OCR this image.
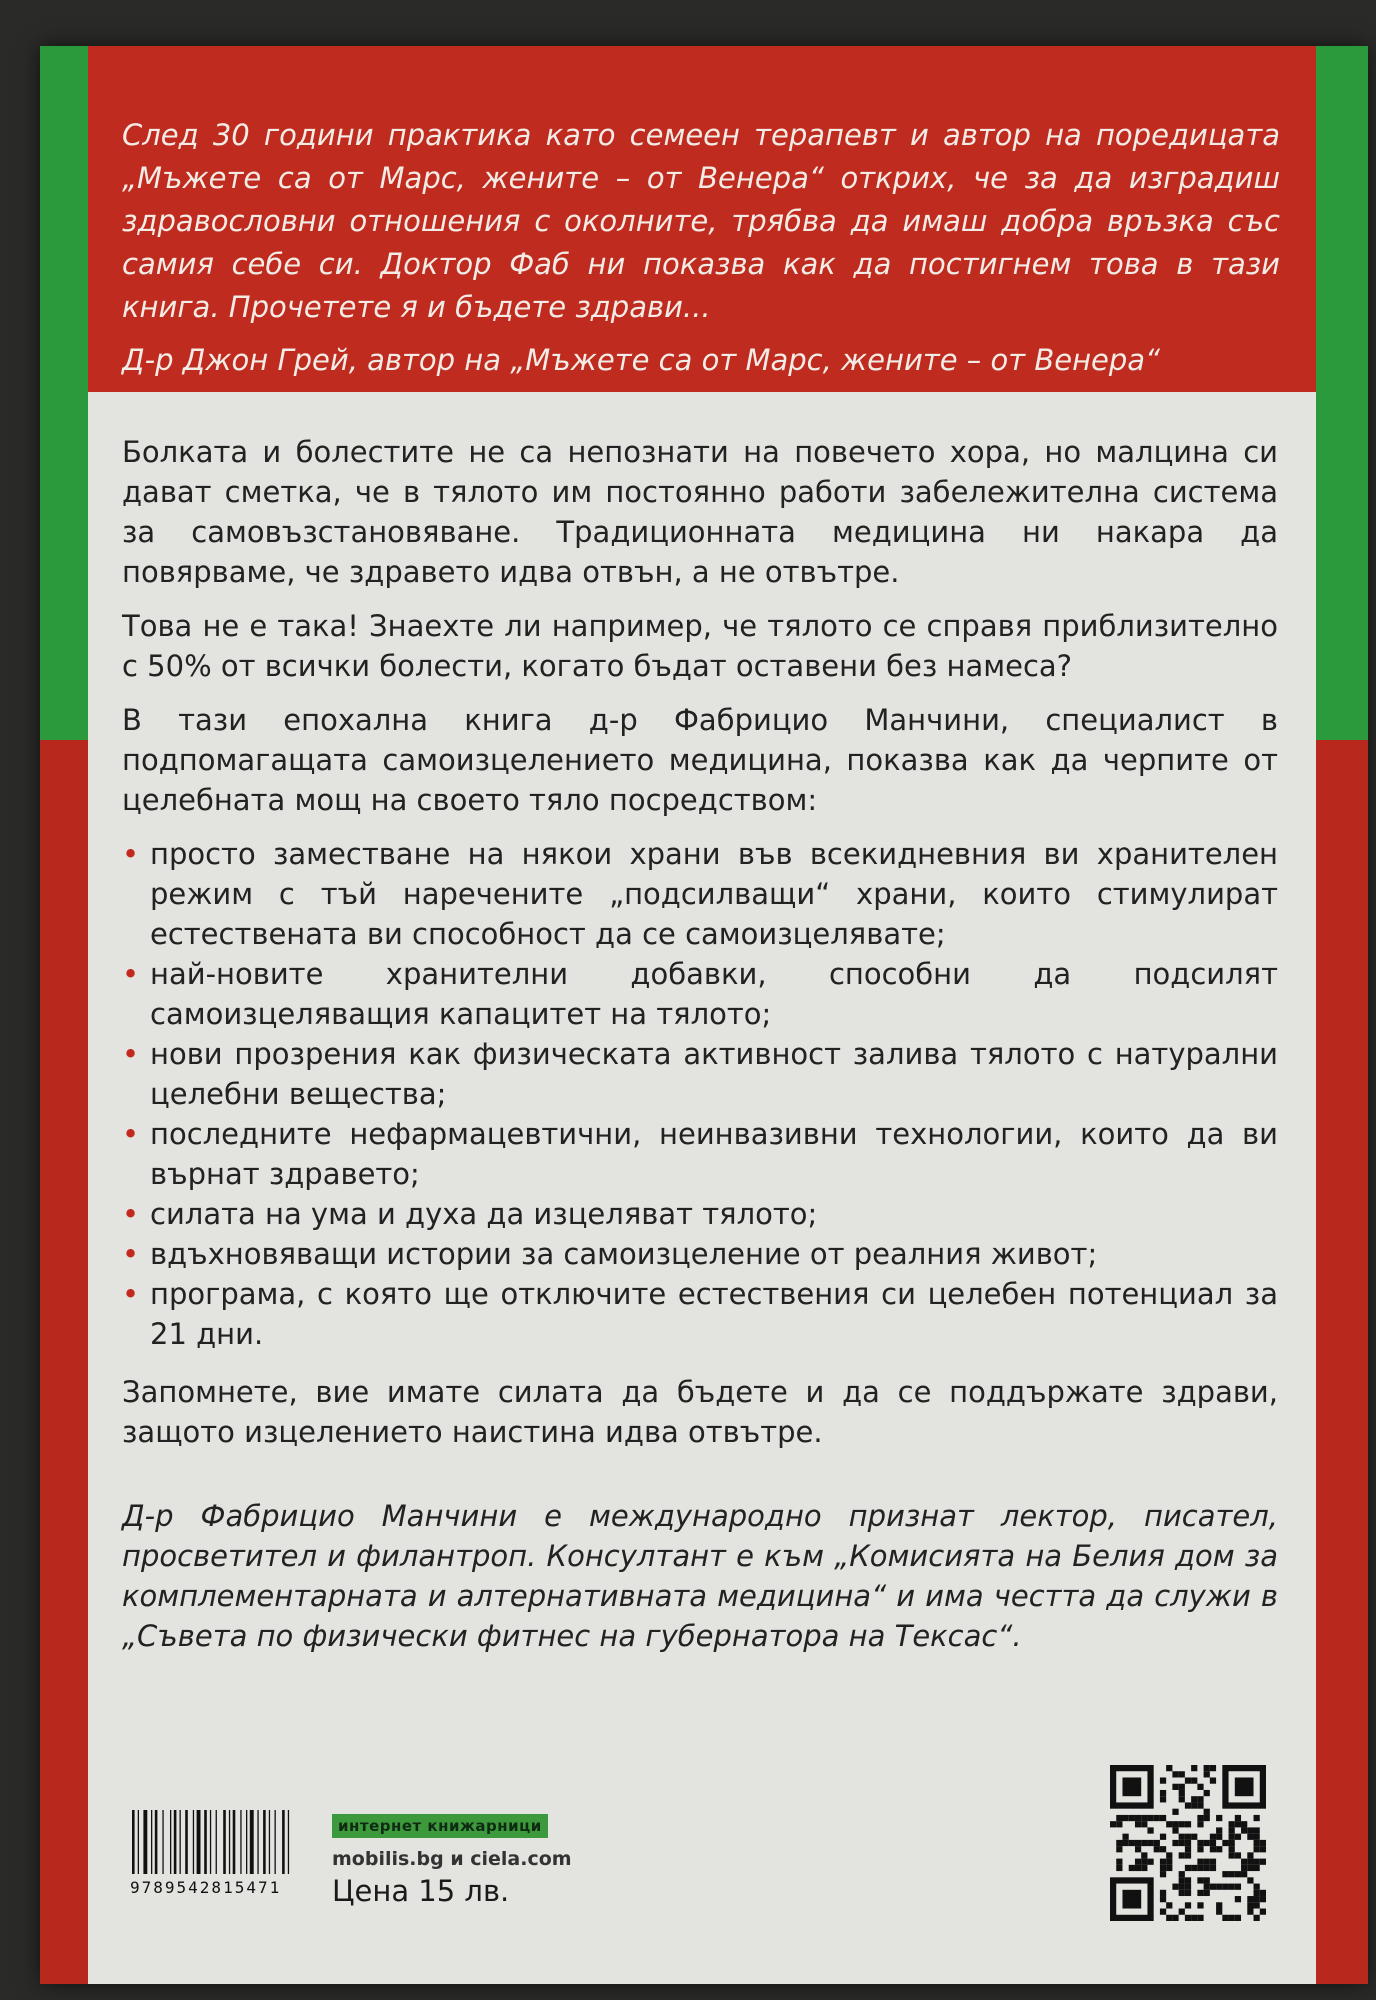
След 30 години практика като семеен терапевт и автор на поредицата „Мъжете са от Марс, жените – от Венера“ открих, че за да изградиш здравословни отношения с околните, трябва да имаш добра връзка със самия себе си. Доктор Фаб ни показва как да постигнем това в тази книга. Прочетете я и бъдете здрави...

Д-р Джон Грей, автор на „Мъжете са от Марс, жените – от Венера“

Болката и болестите не са непознати на повечето хора, но малцина си дават сметка, че в тялото им постоянно работи забележителна система за самовъзстановяване. Традиционната медицина ни накара да повярваме, че здравето идва отвън, а не отвътре.

Това не е така! Знаехте ли например, че тялото се справя приблизително с 50% от всички болести, когато бъдат оставени без намеса?

В тази епохална книга д-р Фабрицио Манчини, специалист в подпомагащата самоизцелението медицина, показва как да черпите от целебната мощ на своето тяло посредством:

• просто заместване на някои храни във всекидневния ви хранителен режим с тъй наречените „подсилващи“ храни, които стимулират естествената ви способност да се самоизцелявате;
• най-новите хранителни добавки, способни да подсилят самоизцеляващия капацитет на тялото;
• нови прозрения как физическата активност залива тялото с натурални целебни вещества;
• последните нефармацевтични, неинвазивни технологии, които да ви върнат здравето;
• силата на ума и духа да изцеляват тялото;
• вдъхновяващи истории за самоизцеление от реалния живот;
• програма, с която ще отключите естествения си целебен потенциал за 21 дни.

Запомнете, вие имате силата да бъдете и да се поддържате здрави, защото изцелението наистина идва отвътре.

Д-р Фабрицио Манчини е международно признат лектор, писател, просветител и филантроп. Консултант е към „Комисията на Белия дом за комплементарната и алтернативната медицина“ и има честта да служи в „Съвета по физически фитнес на губернатора на Тексас“.

9789542815471
интернет книжарници
mobilis.bg и ciela.com
Цена 15 лв.
